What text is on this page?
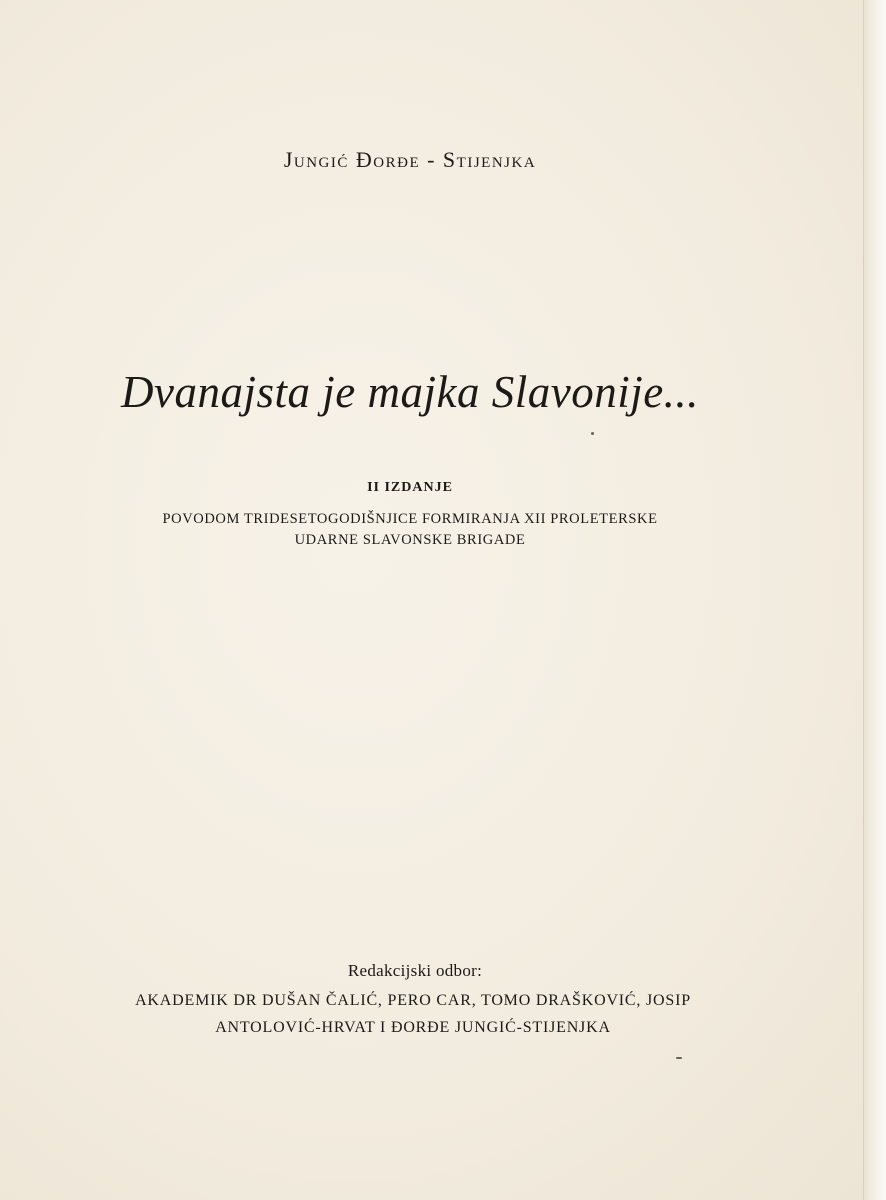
Jungić Đorđe - Stijenjka
Dvanajsta je majka Slavonije...
II IZDANJE
POVODOM TRIDESETOGODIŠNJICE FORMIRANJA XII PROLETERSKE
UDARNE SLAVONSKE BRIGADE
Redakcijski odbor:
AKADEMIK DR DUŠAN ČALIĆ, PERO CAR, TOMO DRAŠKOVIĆ, JOSIP
ANTOLOVIĆ-HRVAT I ĐORĐE JUNGIĆ-STIJENJKA
